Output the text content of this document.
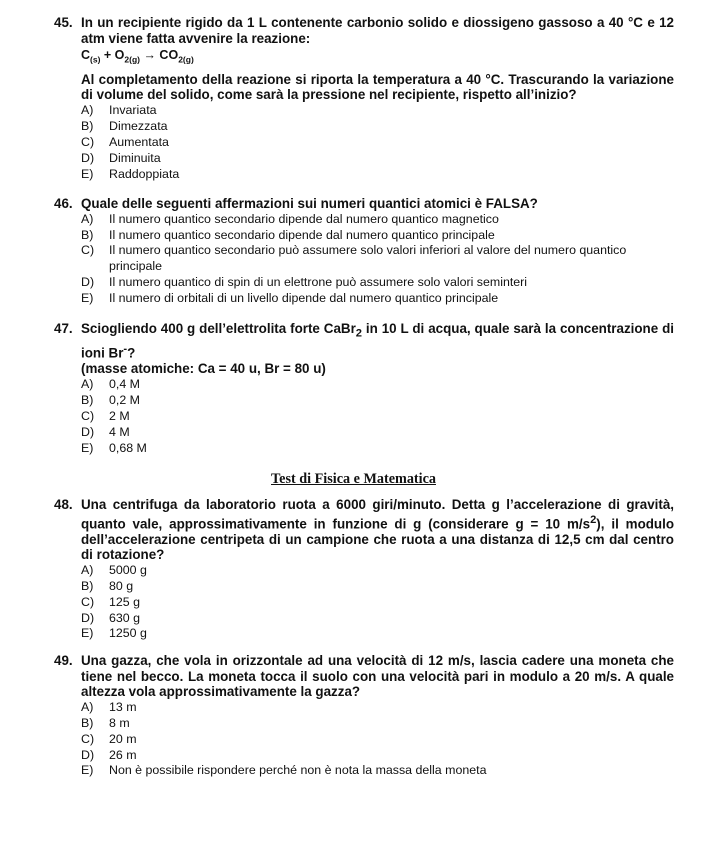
45. In un recipiente rigido da 1 L contenente carbonio solido e diossigeno gassoso a 40 °C e 12 atm viene fatta avvenire la reazione:

$C_{(s)} + O_{2(g)} \to CO_{2(g)}$

Al completamento della reazione si riporta la temperatura a 40 °C. Trascurando la variazione di volume del solido, come sarà la pressione nel recipiente, rispetto all’inizio?

A)	Invariata
B)	Dimezzata
C)	Aumentata
D)	Diminuita
E)	Raddoppiata
46. Quale delle seguenti affermazioni sui numeri quantici atomici è FALSA?

A)	Il numero quantico secondario dipende dal numero quantico magnetico
B)	Il numero quantico secondario dipende dal numero quantico principale
C)	Il numero quantico secondario può assumere solo valori inferiori al valore del numero quantico principale
D)	Il numero quantico di spin di un elettrone può assumere solo valori seminteri
E)	Il numero di orbitali di un livello dipende dal numero quantico principale
47. Sciogliendo 400 g dell’elettrolita forte CaBr$_2$ in 10 L di acqua, quale sarà la concentrazione di ioni Br-?

(masse atomiche: Ca = 40 u, Br = 80 u)

A)	0,4 M
B)	0,2 M
C)	2 M
D)	4 M
E)	0,68 M
Test di Fisica e Matematica
48. Una centrifuga da laboratorio ruota a 6000 giri/minuto. Detta g l’accelerazione di gravità, quanto vale, approssimativamente in funzione di g (considerare g = 10 $m/s^2$), il modulo dell’accelerazione centripeta di un campione che ruota a una distanza di 12,5 cm dal centro di rotazione?

A)	5000 g
B)	80 g
C)	125 g
D)	630 g
E)	1250 g
49. Una gazza, che vola in orizzontale ad una velocità di 12 m/s, lascia cadere una moneta che tiene nel becco. La moneta tocca il suolo con una velocità pari in modulo a 20 m/s. A quale altezza vola approssimativamente la gazza?

A)	13 m
B)	8 m
C)	20 m
D)	26 m
E)	Non è possibile rispondere perché non è nota la massa della moneta
